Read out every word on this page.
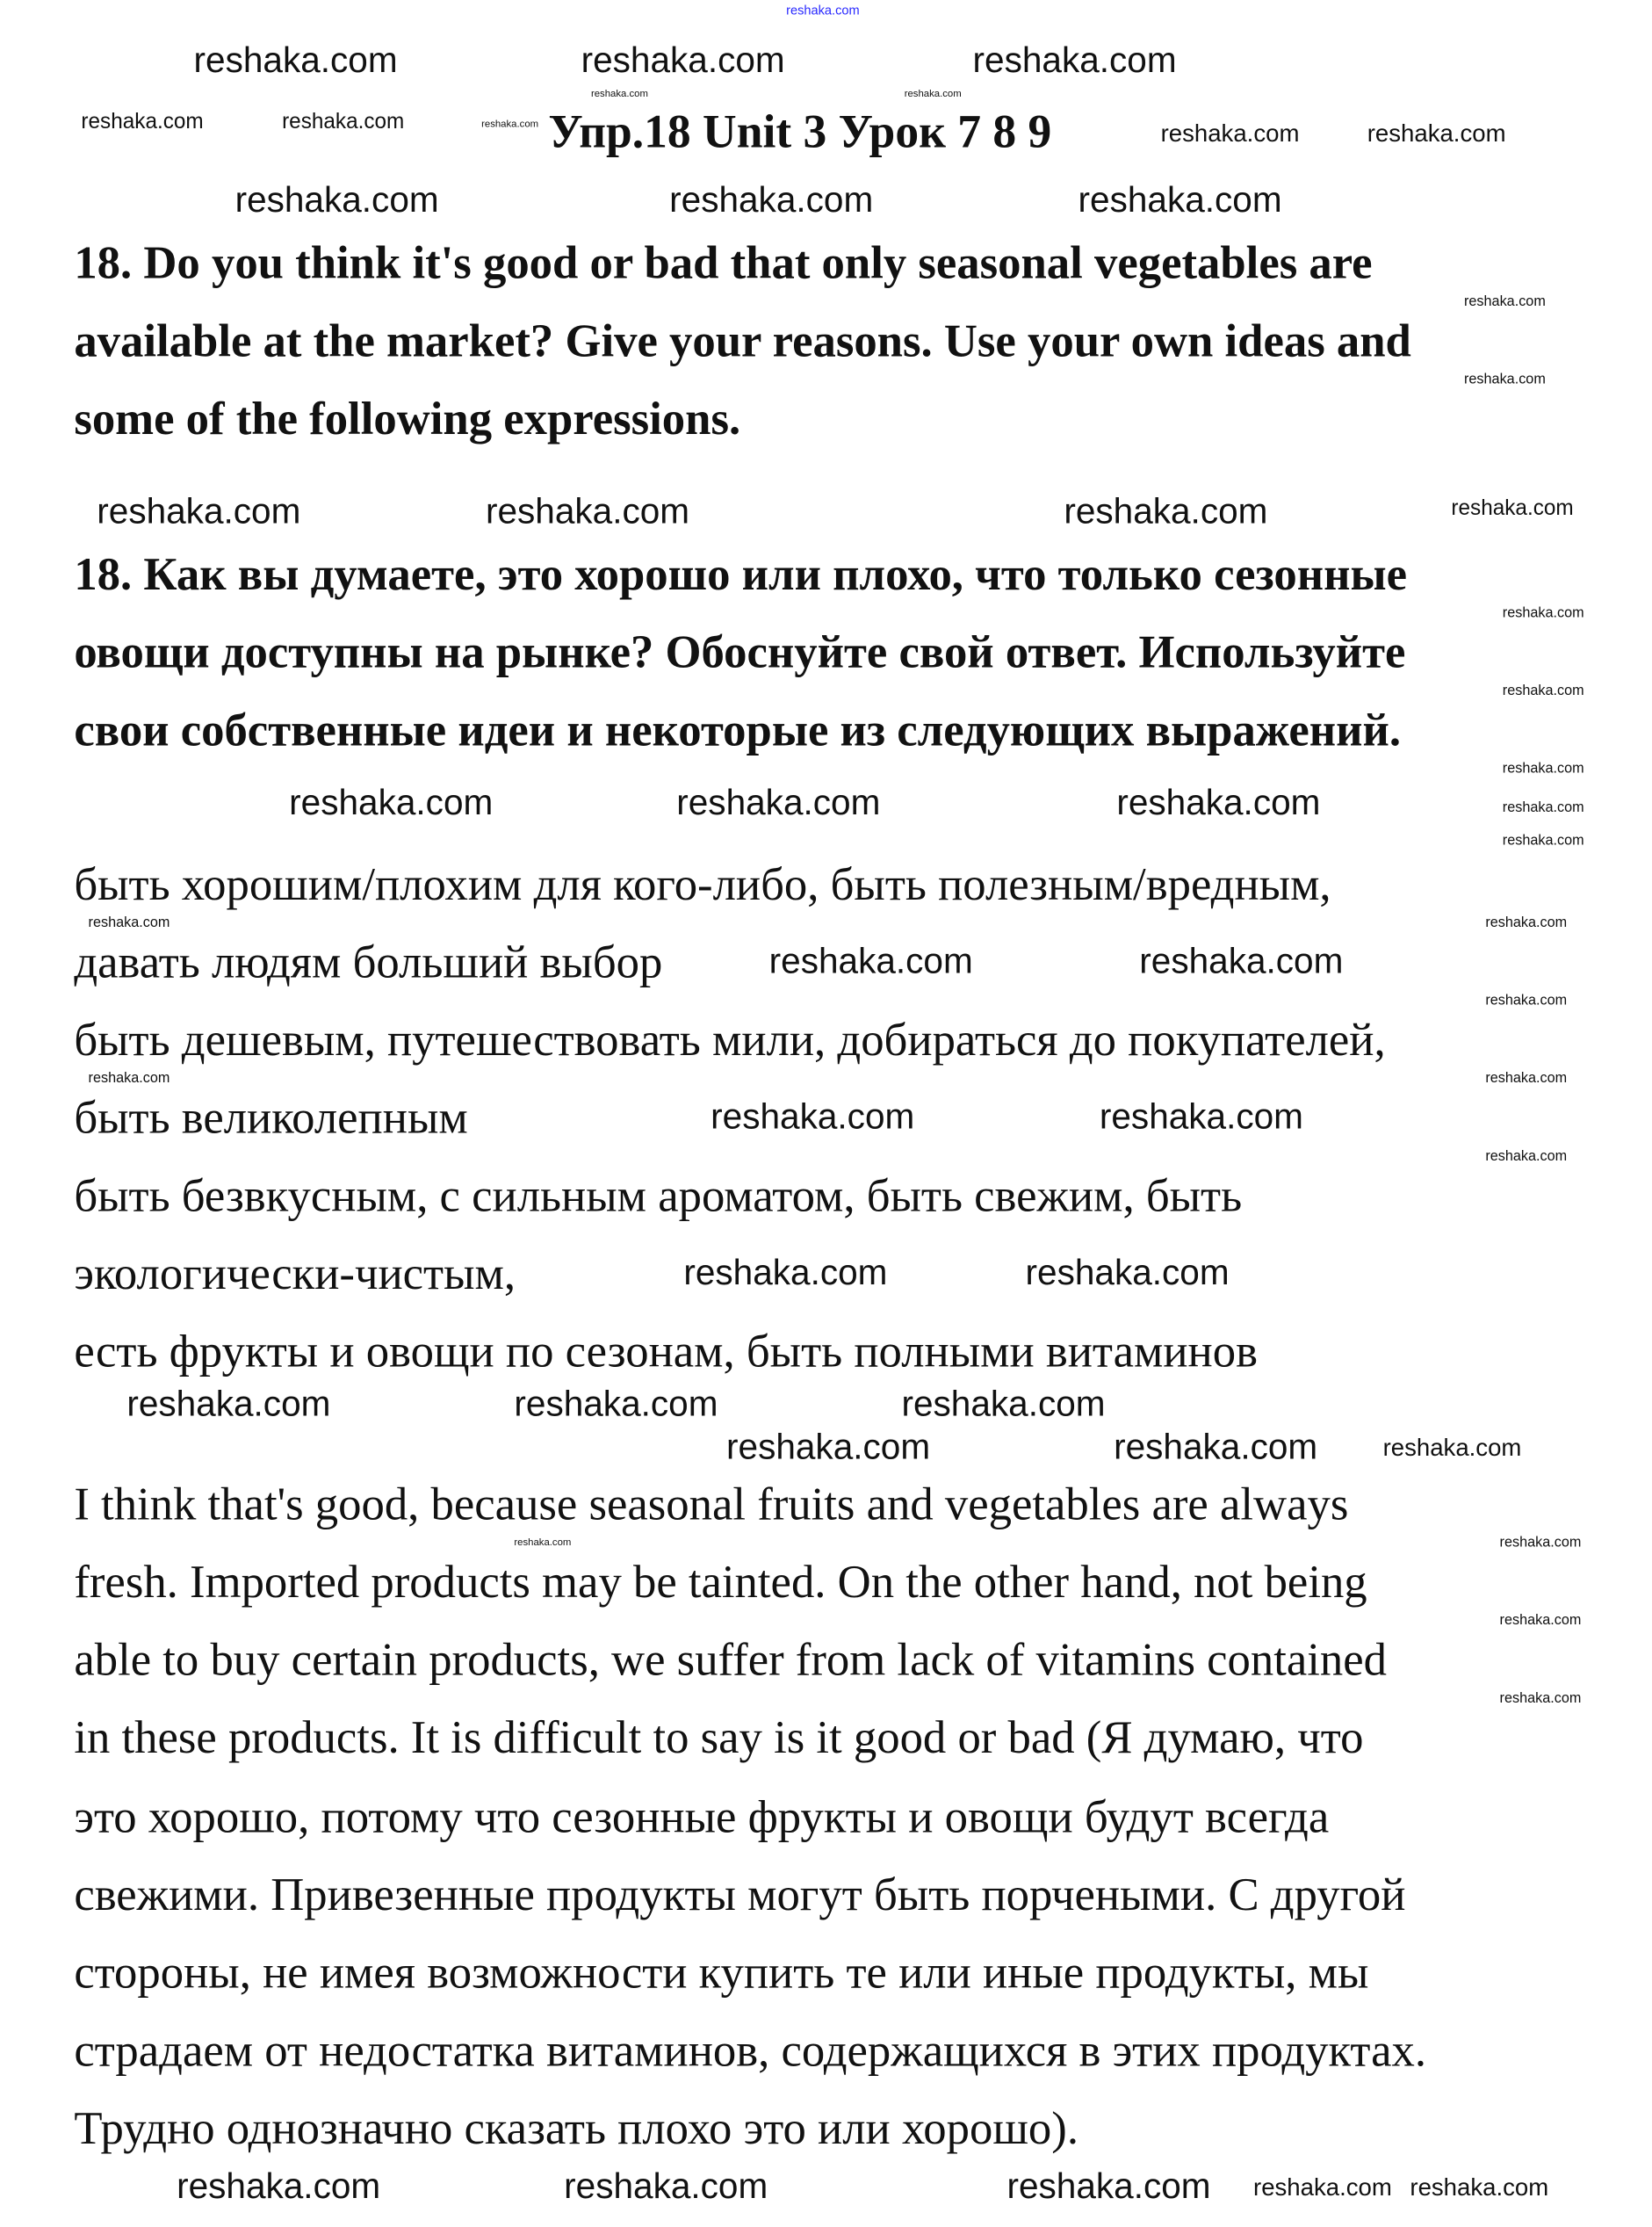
reshaka.com
Упр.18 Unit 3 Урок 7 8 9
18. Do you think it's good or bad that only seasonal vegetables are
available at the market? Give your reasons. Use your own ideas and
some of the following expressions.
18. Как вы думаете, это хорошо или плохо, что только сезонные
овощи доступны на рынке? Обоснуйте свой ответ. Используйте
свои собственные идеи и некоторые из следующих выражений.
быть хорошим/плохим для кого-либо, быть полезным/вредным,
давать людям больший выбор
быть дешевым, путешествовать мили, добираться до покупателей,
быть великолепным
быть безвкусным, с сильным ароматом, быть свежим, быть
экологически-чистым,
есть фрукты и овощи по сезонам, быть полными витаминов
I think that's good, because seasonal fruits and vegetables are always
fresh. Imported products may be tainted. On the other hand, not being
able to buy certain products, we suffer from lack of vitamins contained
in these products. It is difficult to say is it good or bad (Я думаю, что
это хорошо, потому что сезонные фрукты и овощи будут всегда
свежими. Привезенные продукты могут быть порчеными. С другой
стороны, не имея возможности купить те или иные продукты, мы
страдаем от недостатка витаминов, содержащихся в этих продуктах.
Трудно однозначно сказать плохо это или хорошо).
reshaka.com	reshaka.com	reshaka.com
reshaka.com	reshaka.com	reshaka.com
reshaka.com	reshaka.com
reshaka.com	reshaka.com
reshaka.com	reshaka.com	reshaka.com
reshaka.com
reshaka.com
reshaka.com	reshaka.com	reshaka.com	reshaka.com
reshaka.com
reshaka.com
reshaka.com
reshaka.com	reshaka.com	reshaka.com	reshaka.com
reshaka.com
reshaka.com	reshaka.com
reshaka.com	reshaka.com
reshaka.com
reshaka.com	reshaka.com
reshaka.com	reshaka.com
reshaka.com
reshaka.com	reshaka.com
reshaka.com	reshaka.com	reshaka.com
reshaka.com	reshaka.com	reshaka.com
reshaka.com
reshaka.com
reshaka.com
reshaka.com
reshaka.com	reshaka.com	reshaka.com	reshaka.com reshaka.com
